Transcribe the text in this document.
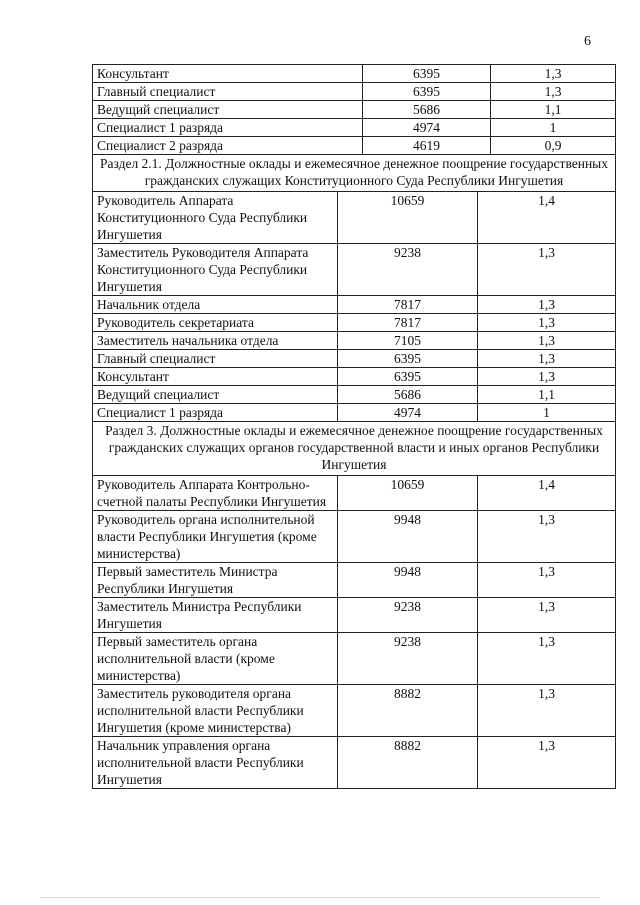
6
Консультант	6395	1,3
Главный специалист	6395	1,3
Ведущий специалист	5686	1,1
Специалист 1 разряда	4974	1
Специалист 2 разряда	4619	0,9
Раздел 2.1. Должностные оклады и ежемесячное денежное поощрение государственных гражданских служащих Конституционного Суда Республики Ингушетия		
Руководитель Аппарата Конституционного Суда Республики Ингушетия	10659	1,4
Заместитель Руководителя Аппарата Конституционного Суда Республики Ингушетия	9238	1,3
Начальник отдела	7817	1,3
Руководитель секретариата	7817	1,3
Заместитель начальника отдела	7105	1,3
Главный специалист	6395	1,3
Консультант	6395	1,3
Ведущий специалист	5686	1,1
Специалист 1 разряда	4974	1
Раздел 3. Должностные оклады и ежемесячное денежное поощрение государственных гражданских служащих органов государственной власти и иных органов Республики Ингушетия		
Руководитель Аппарата Контрольно-счетной палаты Республики Ингушетия	10659	1,4
Руководитель органа исполнительной власти Республики Ингушетия (кроме министерства)	9948	1,3
Первый заместитель Министра Республики Ингушетия	9948	1,3
Заместитель Министра Республики Ингушетия	9238	1,3
Первый заместитель органа исполнительной власти (кроме министерства)	9238	1,3
Заместитель руководителя органа исполнительной власти Республики Ингушетия (кроме министерства)	8882	1,3
Начальник управления органа исполнительной власти Республики Ингушетия	8882	1,3
